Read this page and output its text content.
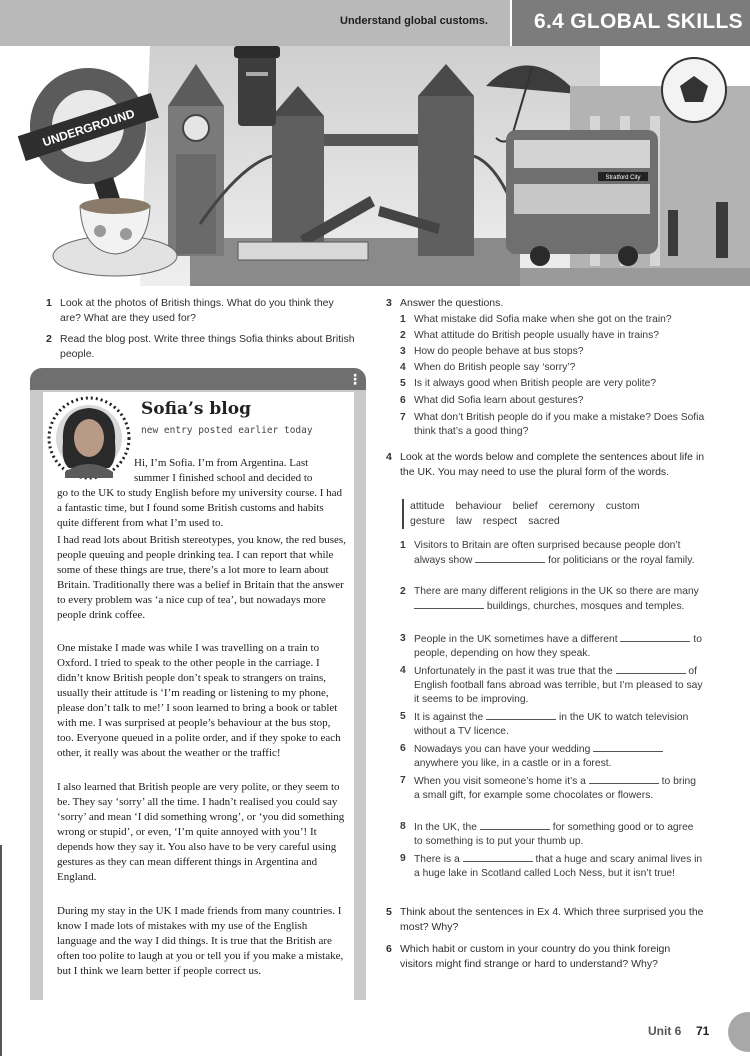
Understand global customs. 6.4 GLOBAL SKILLS
UNDERGROUND
Stratford City
1 Look at the photos of British things. What do you think they are? What are they used for?
2 Read the blog post. Write three things Sofia thinks about British people.
⋮
Sofia’s blog
new entry posted earlier today
Hi, I’m Sofia. I’m from Argentina. Last summer I finished school and decided to
go to the UK to study English before my university course. I had a fantastic time, but I found some British customs and habits quite different from what I’m used to.
I had read lots about British stereotypes, you know, the red buses, people queuing and people drinking tea. I can report that while some of these things are true, there’s a lot more to learn about Britain. Traditionally there was a belief in Britain that the answer to every problem was ‘a nice cup of tea’, but nowadays more people drink coffee.
One mistake I made was while I was travelling on a train to Oxford. I tried to speak to the other people in the carriage. I didn’t know British people don’t speak to strangers on trains, usually their attitude is ‘I’m reading or listening to my phone, please don’t talk to me!’ I soon learned to bring a book or tablet with me. I was surprised at people’s behaviour at the bus stop, too. Everyone queued in a polite order, and if they spoke to each other, it really was about the weather or the traffic!
I also learned that British people are very polite, or they seem to be. They say ‘sorry’ all the time. I hadn’t realised you could say ‘sorry’ and mean ‘I did something wrong’, or ‘you did something wrong or stupid’, or even, ‘I’m quite annoyed with you’! It depends how they say it. You also have to be very careful using gestures as they can mean different things in Argentina and England.
During my stay in the UK I made friends from many countries. I know I made lots of mistakes with my use of the English language and the way I did things. It is true that the British are often too polite to laugh at you or tell you if you make a mistake, but I think we learn better if people correct us.
3 Answer the questions.
1 What mistake did Sofia make when she got on the train?
2 What attitude do British people usually have in trains?
3 How do people behave at bus stops?
4 When do British people say ‘sorry’?
5 Is it always good when British people are very polite?
6 What did Sofia learn about gestures?
7 What don’t British people do if you make a mistake? Does Sofia think that’s a good thing?
4 Look at the words below and complete the sentences about life in the UK. You may need to use the plural form of the words.
attitude behaviour belief ceremony custom
gesture law respect sacred
1 Visitors to Britain are often surprised because people don’t always show	for politicians or the royal family.
2 There are many different religions in the UK so there are many  buildings, churches, mosques and temples.
3 People in the UK sometimes have a different	to people, depending on how they speak.
4 Unfortunately in the past it was true that the	of English football fans abroad was terrible, but I’m pleased to say it seems to be improving.
5 It is against the	in the UK to watch television without a TV licence.
6 Nowadays you can have your wedding  anywhere you like, in a castle or in a forest.
7 When you visit someone’s home it’s a	to bring a small gift, for example some chocolates or flowers.
8 In the UK, the	for something good or to agree to something is to put your thumb up.
9 There is a	that a huge and scary animal lives in a huge lake in Scotland called Loch Ness, but it isn’t true!
5 Think about the sentences in Ex 4. Which three surprised you the most? Why?
6 Which habit or custom in your country do you think foreign visitors might find strange or hard to understand? Why?
Unit 6 71
